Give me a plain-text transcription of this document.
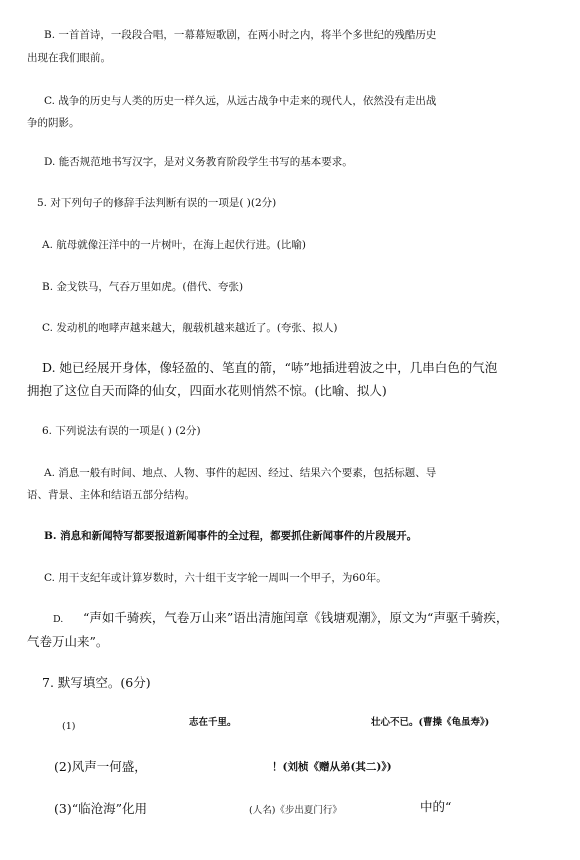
B. 一首首诗，一段段合唱，一幕幕短歌剧，在两小时之内，将半个多世纪的残酷历史
出现在我们眼前。
C. 战争的历史与人类的历史一样久远，从远古战争中走来的现代人，依然没有走出战
争的阴影。
D. 能否规范地书写汉字，是对义务教育阶段学生书写的基本要求。
5. 对下列句子的修辞手法判断有误的一项是( )(2分)
A. 航母就像汪洋中的一片树叶，在海上起伏行进。(比喻)
B. 金戈铁马，气吞万里如虎。(借代、夸张)
C. 发动机的咆哮声越来越大，舰载机越来越近了。(夸张、拟人)
D. 她已经展开身体，像轻盈的、笔直的箭，“哧”地插进碧波之中，几串白色的气泡
拥抱了这位自天而降的仙女，四面水花则悄然不惊。(比喻、拟人)
6. 下列说法有误的一项是( ) (2分)
A. 消息一般有时间、地点、人物、事件的起因、经过、结果六个要素，包括标题、导
语、背景、主体和结语五部分结构。
B. 消息和新闻特写都要报道新闻事件的全过程，都要抓住新闻事件的片段展开。
C. 用干支纪年或计算岁数时，六十组干支字轮一周叫一个甲子，为60年。
D. “声如千骑疾，气卷万山来”语出清施闰章《钱塘观潮》，原文为“声驱千骑疾，
气卷万山来”。
7. 默写填空。(6分)
(1)	志在千里。	壮心不已。(曹操《龟虽寿》)
(2)风声一何盛，	！(刘桢《赠从弟(其二)》)
(3)“临沧海”化用	(人名)《步出夏门行》	中的“
